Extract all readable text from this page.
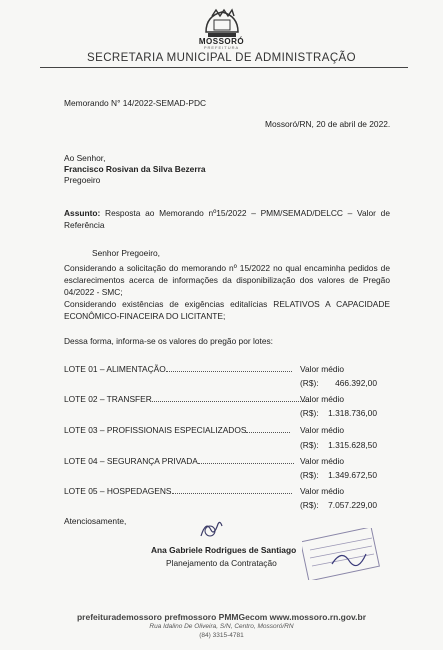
MOSSORÓ
PREFEITURA
SECRETARIA MUNICIPAL DE ADMINISTRAÇÃO
Memorando N° 14/2022-SEMAD-PDC
Mossoró/RN, 20 de abril de 2022.
Ao Senhor,
Francisco Rosivan da Silva Bezerra
Pregoeiro
Assunto: Resposta ao Memorando nº15/2022 – PMM/SEMAD/DELCC – Valor de Referência
Senhor Pregoeiro,
Considerando a solicitação do memorando nº 15/2022 no qual encaminha pedidos de esclarecimentos acerca de informações da disponibilização dos valores de Pregão 04/2022 - SMC;
Considerando existências de exigências editalícias RELATIVOS A CAPACIDADE ECONÔMICO-FINACEIRA DO LICITANTE;
Dessa forma, informa-se os valores do pregão por lotes:
LOTE 01 – ALIMENTAÇÃO	Valor médio
(R$):	466.392,00
LOTE 02 – TRANSFER	Valor médio
(R$):	1.318.736,00
LOTE 03 – PROFISSIONAIS ESPECIALIZADOS	Valor médio
(R$):	1.315.628,50
LOTE 04 – SEGURANÇA PRIVADA	Valor médio
(R$):	1.349.672,50
LOTE 05 – HOSPEDAGENS	Valor médio
(R$):	7.057.229,00
Atenciosamente,
Ana Gabriele Rodrigues de Santiago
Planejamento da Contratação
prefeituradem​ossoro prefmossoro PMMGecom www.mossoro.rn.gov.br
Rua Idalino De Oliveira, S/N, Centro, Mossoró/RN
(84) 3315-4781
